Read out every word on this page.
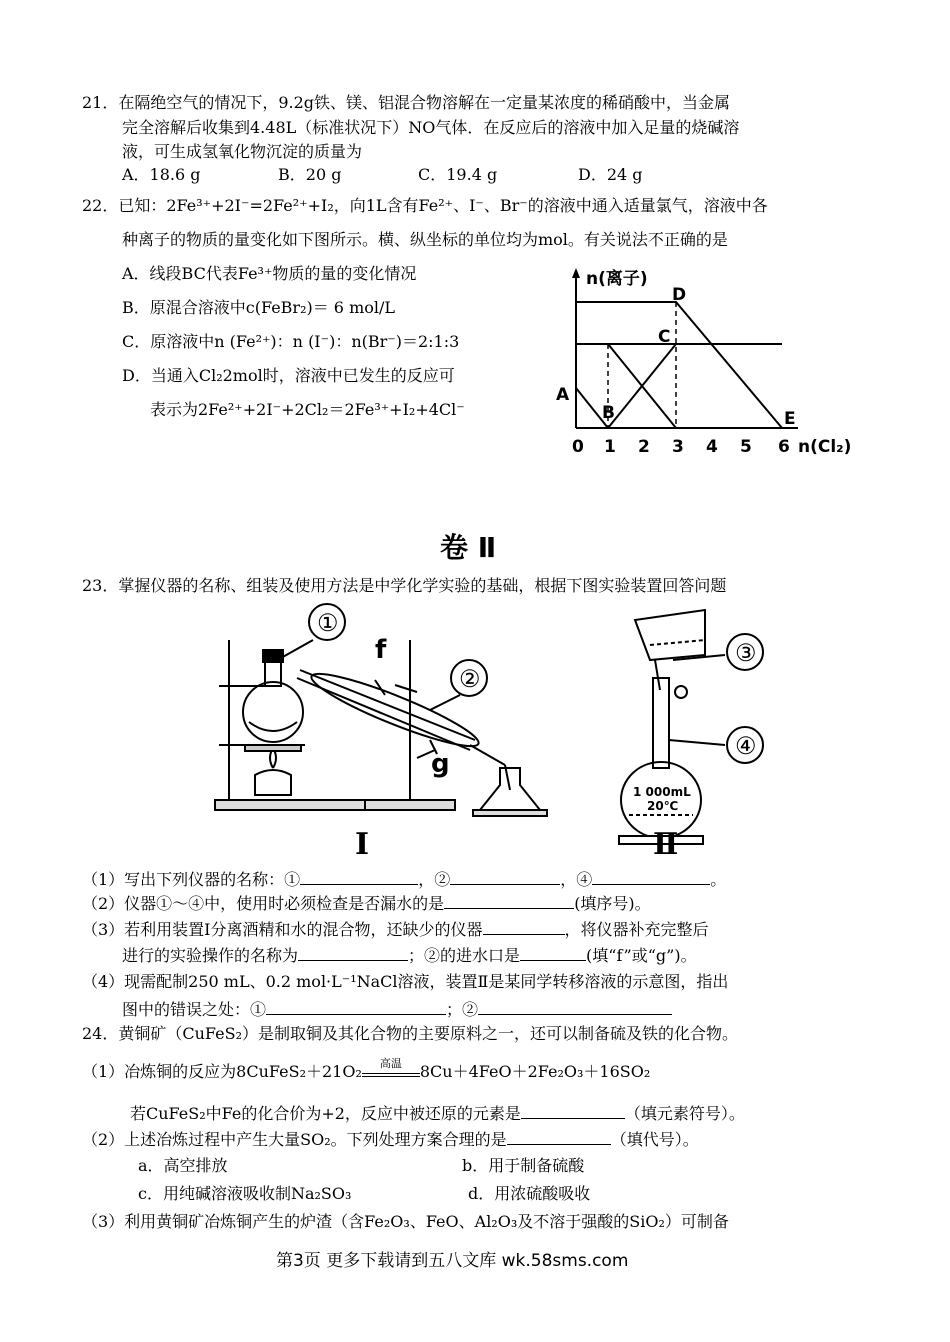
21．在隔绝空气的情况下，9.2g铁、镁、铝混合物溶解在一定量某浓度的稀硝酸中，当金属
完全溶解后收集到4.48L（标准状况下）NO气体．在反应后的溶液中加入足量的烧碱溶
液，可生成氢氧化物沉淀的质量为
A．18.6 g	B．20 g	C．19.4 g	D．24 g
22．已知：2Fe³⁺+2I⁻=2Fe²⁺+I₂，向1L含有Fe²⁺、I⁻、Br⁻的溶液中通入适量氯气，溶液中各
种离子的物质的量变化如下图所示。横、纵坐标的单位均为mol。有关说法不正确的是
A．线段BC代表Fe³⁺物质的量的变化情况
B．原混合溶液中c(FeBr₂)＝ 6 mol/L
C．原溶液中n (Fe²⁺)：n (I⁻)：n(Br⁻)＝2:1:3
D．当通入Cl₂2mol时，溶液中已发生的反应可
表示为2Fe²⁺+2I⁻+2Cl₂＝2Fe³⁺+I₂+4Cl⁻
n(离子)
A
B
C
D
E
0 1 2 3 4 5 6 n(Cl₂)
卷 Ⅱ
23．掌握仪器的名称、组装及使用方法是中学化学实验的基础，根据下图实验装置回答问题
①
②
③
④
f
g
1 000mL
20℃
Ⅰ	Ⅱ
（1）写出下列仪器的名称：①	，②	，④	。
（2）仪器①～④中，使用时必须检查是否漏水的是	(填序号)。
（3）若利用装置Ⅰ分离酒精和水的混合物，还缺少的仪器	，将仪器补充完整后
进行的实验操作的名称为	；②的进水口是	(填“f”或“g”)。
（4）现需配制250 mL、0.2 mol·L⁻¹NaCl溶液，装置Ⅱ是某同学转移溶液的示意图，指出
图中的错误之处：①	；②
24．黄铜矿（CuFeS₂）是制取铜及其化合物的主要原料之一，还可以制备硫及铁的化合物。
（1）冶炼铜的反应为8CuFeS₂＋21O₂	高温	8Cu＋4FeO＋2Fe₂O₃＋16SO₂
若CuFeS₂中Fe的化合价为+2，反应中被还原的元素是	（填元素符号）。
（2）上述冶炼过程中产生大量SO₂。下列处理方案合理的是	（填代号）。
a．高空排放	b．用于制备硫酸
c．用纯碱溶液吸收制Na₂SO₃	d．用浓硫酸吸收
（3）利用黄铜矿冶炼铜产生的炉渣（含Fe₂O₃、FeO、Al₂O₃及不溶于强酸的SiO₂）可制备
第3页 更多下载请到五八文库 wk.58sms.com
